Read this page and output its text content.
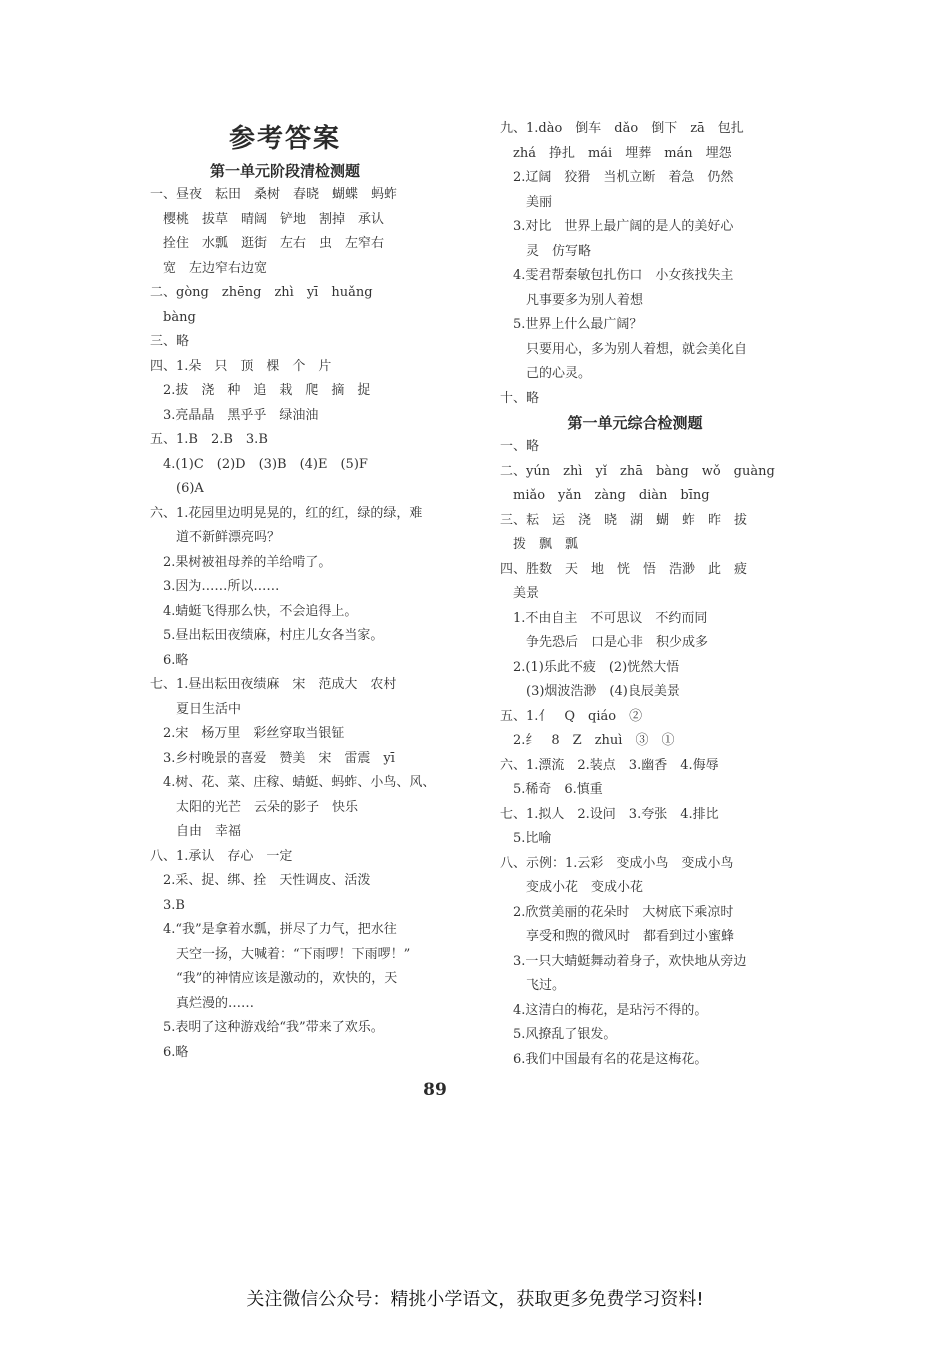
参考答案
第一单元阶段清检测题
一、昼夜　耘田　桑树　春晓　蝴蝶　蚂蚱
　樱桃　拔草　晴阔　铲地　割掉　承认
　拴住　水瓢　逛街　左右　虫　左窄右
　宽　左边窄右边宽
二、gòng　zhēng　zhì　yī　huǎng
　bàng
三、略
四、1.朵　只　顶　棵　个　片
　2.拔　浇　种　追　栽　爬　摘　捉
　3.亮晶晶　黑乎乎　绿油油
五、1.B　2.B　3.B
　4.(1)C　(2)D　(3)B　(4)E　(5)F
　　(6)A
六、1.花园里边明晃晃的，红的红，绿的绿，难
　　道不新鲜漂亮吗？
　2.果树被祖母养的羊给啃了。
　3.因为……所以……
　4.蜻蜓飞得那么快，不会追得上。
　5.昼出耘田夜绩麻，村庄儿女各当家。
　6.略
七、1.昼出耘田夜绩麻　宋　范成大　农村
　　夏日生活中
　2.宋　杨万里　彩丝穿取当银钲
　3.乡村晚景的喜爱　赞美　宋　雷震　yī
　4.树、花、菜、庄稼、蜻蜓、蚂蚱、小鸟、风、
　　太阳的光芒　云朵的影子　快乐
　　自由　幸福
八、1.承认　存心　一定
　2.采、捉、绑、拴　天性调皮、活泼
　3.B
　4.“我”是拿着水瓢，拼尽了力气，把水往
　　天空一扬，大喊着：“下雨啰！下雨啰！”
　　“我”的神情应该是激动的，欢快的，天
　　真烂漫的……
　5.表明了这种游戏给“我”带来了欢乐。
　6.略
九、1.dào　倒车　dǎo　倒下　zā　包扎
　zhá　挣扎　mái　埋葬　mán　埋怨
　2.辽阔　狡猾　当机立断　着急　仍然
　　美丽
　3.对比　世界上最广阔的是人的美好心
　　灵　仿写略
　4.雯君帮秦敏包扎伤口　小女孩找失主
　　凡事要多为别人着想
　5.世界上什么最广阔？
　　只要用心，多为别人着想，就会美化自
　　己的心灵。
十、略
第一单元综合检测题
一、略
二、yún　zhì　yǐ　zhā　bàng　wǒ　guàng
　miǎo　yǎn　zàng　diàn　bīng
三、耘　运　浇　晓　湖　蝴　蚱　昨　拔
　拨　飘　瓢
四、胜数　天　地　恍　悟　浩渺　此　疲
　美景
　1.不由自主　不可思议　不约而同
　　争先恐后　口是心非　积少成多
　2.(1)乐此不疲　(2)恍然大悟
　　(3)烟波浩渺　(4)良辰美景
五、1.亻　Q　qiáo　②
　2.纟　8　Z　zhuì　③　①
六、1.漂流　2.装点　3.幽香　4.侮辱
　5.稀奇　6.慎重
七、1.拟人　2.设问　3.夸张　4.排比
　5.比喻
八、示例：1.云彩　变成小鸟　变成小鸟
　　变成小花　变成小花
　2.欣赏美丽的花朵时　大树底下乘凉时
　　享受和煦的微风时　都看到过小蜜蜂
　3.一只大蜻蜓舞动着身子，欢快地从旁边
　　飞过。
　4.这清白的梅花，是玷污不得的。
　5.风撩乱了银发。
　6.我们中国最有名的花是这梅花。
89
关注微信公众号：精挑小学语文，获取更多免费学习资料!
